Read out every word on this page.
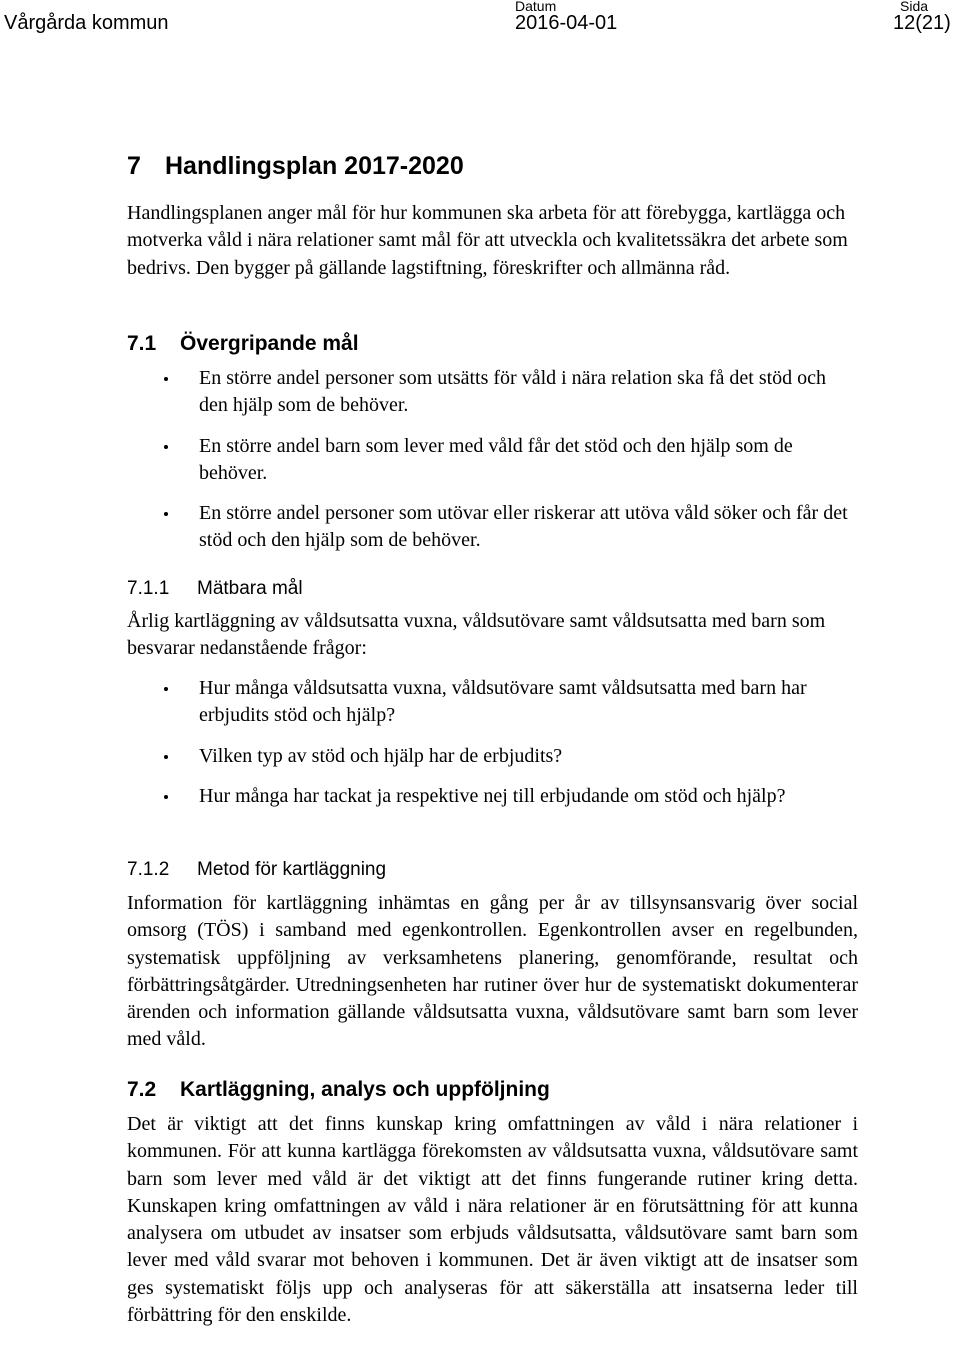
Vårgårda kommun
Datum
2016-04-01
Sida
12(21)
7 Handlingsplan 2017-2020

Handlingsplanen anger mål för hur kommunen ska arbeta för att förebygga, kartlägga och motverka våld i nära relationer samt mål för att utveckla och kvalitetssäkra det arbete som bedrivs. Den bygger på gällande lagstiftning, föreskrifter och allmänna råd.

7.1 Övergripande mål
En större andel personer som utsätts för våld i nära relation ska få det stöd och den hjälp som de behöver.
En större andel barn som lever med våld får det stöd och den hjälp som de behöver.
En större andel personer som utövar eller riskerar att utöva våld söker och får det stöd och den hjälp som de behöver.
7.1.1 Mätbara mål

Årlig kartläggning av våldsutsatta vuxna, våldsutövare samt våldsutsatta med barn som besvarar nedanstående frågor:

Hur många våldsutsatta vuxna, våldsutövare samt våldsutsatta med barn har erbjudits stöd och hjälp?
Vilken typ av stöd och hjälp har de erbjudits?
Hur många har tackat ja respektive nej till erbjudande om stöd och hjälp?
7.1.2 Metod för kartläggning

Information för kartläggning inhämtas en gång per år av tillsynsansvarig över social omsorg (TÖS) i samband med egenkontrollen. Egenkontrollen avser en regelbunden, systematisk uppföljning av verksamhetens planering, genomförande, resultat och förbättringsåtgärder. Utredningsenheten har rutiner över hur de systematiskt dokumenterar ärenden och information gällande våldsutsatta vuxna, våldsutövare samt barn som lever med våld.

7.2 Kartläggning, analys och uppföljning

Det är viktigt att det finns kunskap kring omfattningen av våld i nära relationer i kommunen. För att kunna kartlägga förekomsten av våldsutsatta vuxna, våldsutövare samt barn som lever med våld är det viktigt att det finns fungerande rutiner kring detta. Kunskapen kring omfattningen av våld i nära relationer är en förutsättning för att kunna analysera om utbudet av insatser som erbjuds våldsutsatta, våldsutövare samt barn som lever med våld svarar mot behoven i kommunen. Det är även viktigt att de insatser som ges systematiskt följs upp och analyseras för att säkerställa att insatserna leder till förbättring för den enskilde.
